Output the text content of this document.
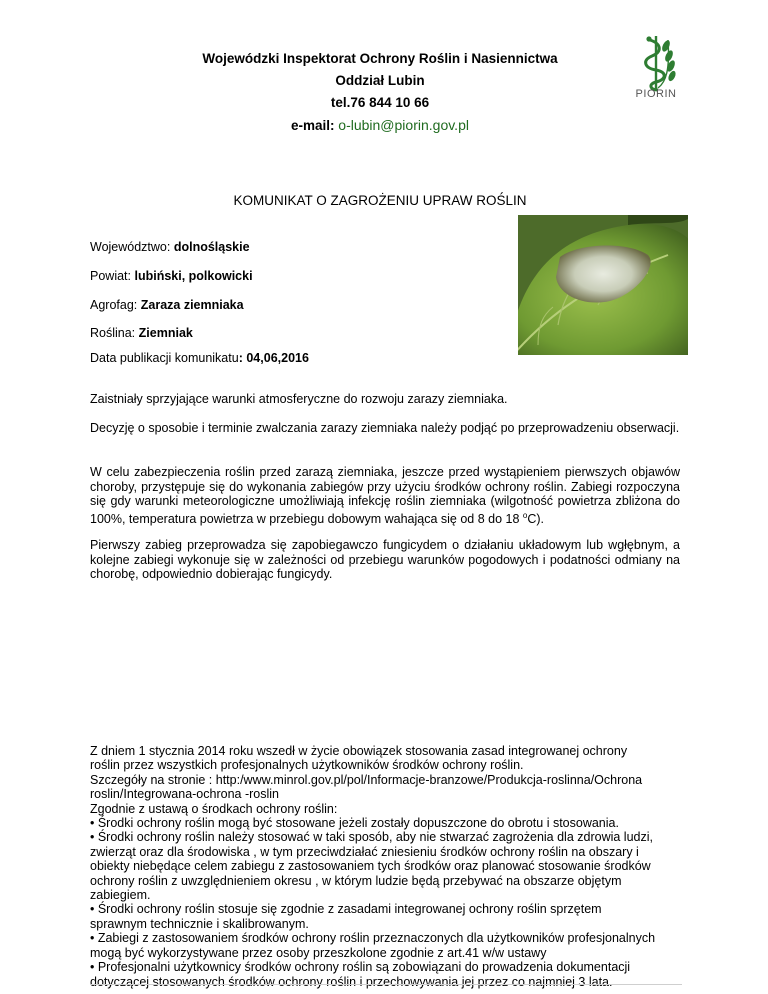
Wojewódzki Inspektorat Ochrony Roślin i Nasiennictwa
Oddział Lubin
tel.76 844 10 66
e-mail: o-lubin@piorin.gov.pl
PIORIN
KOMUNIKAT O ZAGROŻENIU UPRAW ROŚLIN
Województwo: dolnośląskie
Powiat: lubiński, polkowicki
Agrofag: Zaraza ziemniaka
Roślina: Ziemniak
Data publikacji komunikatu: 04,06,2016
Zaistniały sprzyjające warunki atmosferyczne do rozwoju zarazy ziemniaka.
Decyzję o sposobie i terminie zwalczania zarazy ziemniaka należy podjąć po przeprowadzeniu obserwacji.
W celu zabezpieczenia roślin przed zarazą ziemniaka, jeszcze przed wystąpieniem pierwszych objawów choroby, przystępuje się do wykonania zabiegów przy użyciu środków ochrony roślin. Zabiegi rozpoczyna się gdy warunki meteorologiczne umożliwiają infekcję roślin ziemniaka (wilgotność powietrza zbliżona do 100%, temperatura powietrza w przebiegu dobowym wahająca się od 8 do 18 $^o$C).
Pierwszy zabieg przeprowadza się zapobiegawczo fungicydem o działaniu układowym lub wgłębnym, a kolejne zabiegi wykonuje się w zależności od przebiegu warunków pogodowych i podatności odmiany na chorobę, odpowiednio dobierając fungicydy.
Z dniem 1 stycznia 2014 roku wszedł w życie obowiązek stosowania zasad integrowanej ochrony
roślin przez wszystkich profesjonalnych użytkowników środków ochrony roślin.
Szczegóły na stronie : http:/www.minrol.gov.pl/pol/Informacje-branzowe/Produkcja-roslinna/Ochrona
roslin/Integrowana-ochrona -roslin
Zgodnie z ustawą o środkach ochrony roślin:
• Środki ochrony roślin mogą być stosowane jeżeli zostały dopuszczone do obrotu i stosowania.
• Środki ochrony roślin należy stosować w taki sposób, aby nie stwarzać zagrożenia dla zdrowia ludzi,
zwierząt oraz dla środowiska , w tym przeciwdziałać zniesieniu środków ochrony roślin na obszary i
obiekty niebędące celem zabiegu z zastosowaniem tych środków oraz planować stosowanie środków
ochrony roślin z uwzględnieniem okresu , w którym ludzie będą przebywać na obszarze objętym
zabiegiem.
• Środki ochrony roślin stosuje się zgodnie z zasadami integrowanej ochrony roślin sprzętem
sprawnym technicznie i skalibrowanym.
• Zabiegi z zastosowaniem środków ochrony roślin przeznaczonych dla użytkowników profesjonalnych
mogą być wykorzystywane przez osoby przeszkolone zgodnie z art.41 w/w ustawy
• Profesjonalni użytkownicy środków ochrony roślin są zobowiązani do prowadzenia dokumentacji
dotyczącej stosowanych środków ochrony roślin i przechowywania jej przez co najmniej 3 lata.
